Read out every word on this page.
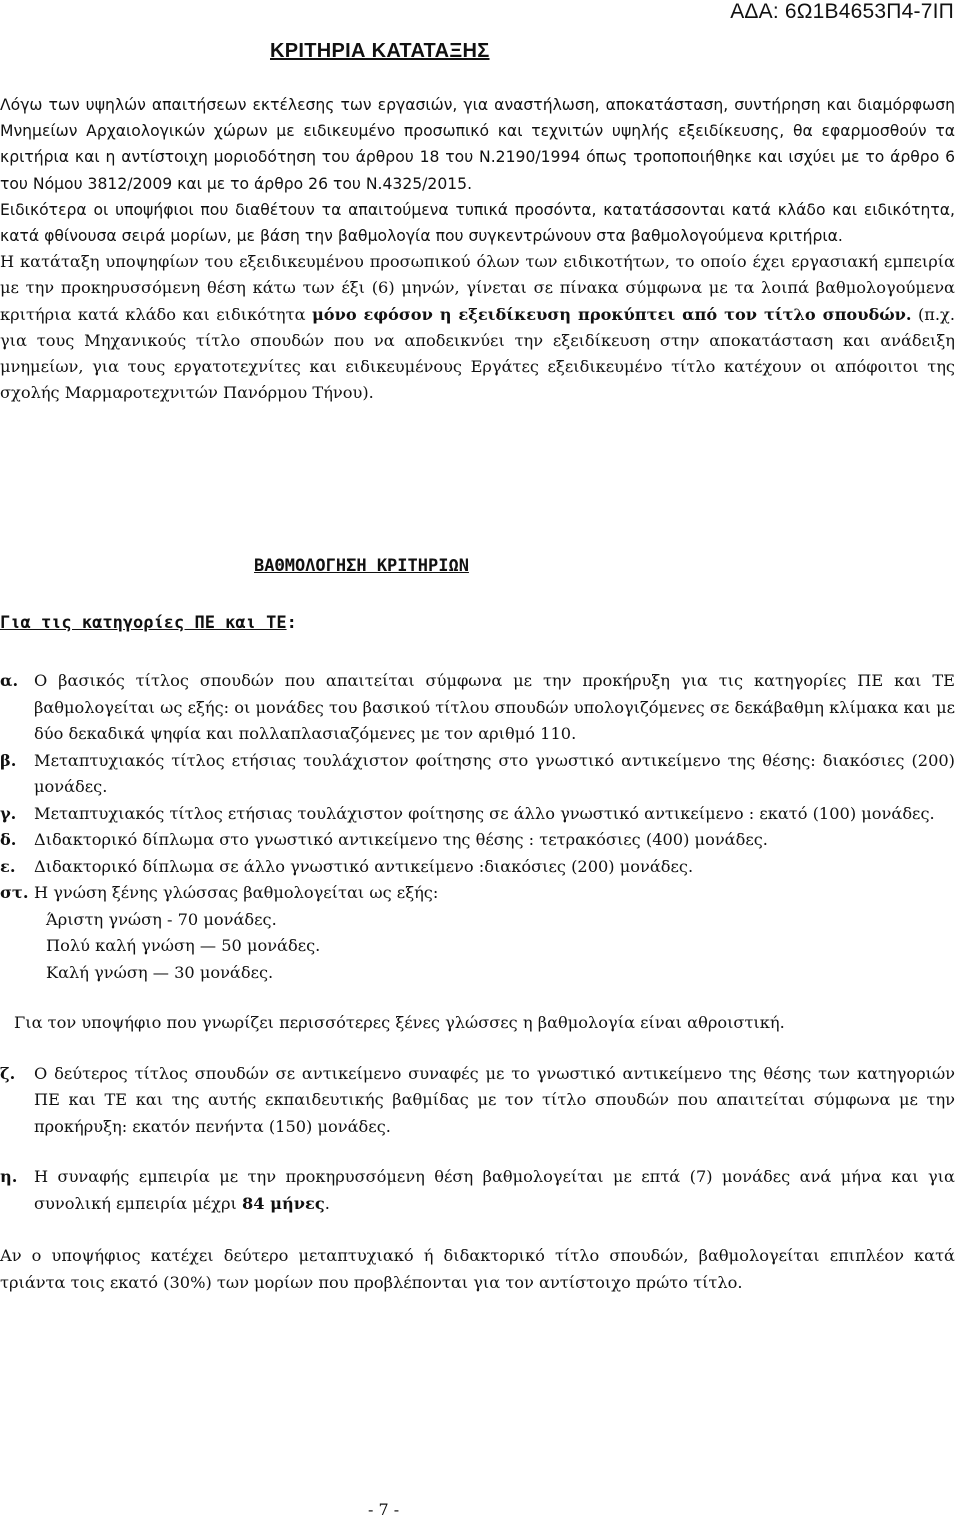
ΑΔΑ: 6Ω1Β4653Π4-7ΙΠ
ΚΡΙΤΗΡΙΑ ΚΑΤΑΤΑΞΗΣ

Λόγω των υψηλών απαιτήσεων εκτέλεσης των εργασιών, για αναστήλωση, αποκατάσταση, συντήρηση και διαμόρφωση Μνημείων Αρχαιολογικών χώρων με ειδικευμένο προσωπικό και τεχνιτών υψηλής εξειδίκευσης, θα εφαρμοσθούν τα κριτήρια και η αντίστοιχη μοριοδότηση του άρθρου 18 του Ν.2190/1994 όπως τροποποιήθηκε και ισχύει με το άρθρο 6 του Νόμου 3812/2009 και με το άρθρο 26 του Ν.4325/2015.

Ειδικότερα οι υποψήφιοι που διαθέτουν τα απαιτούμενα τυπικά προσόντα, κατατάσσονται κατά κλάδο και ειδικότητα, κατά φθίνουσα σειρά μορίων, με βάση την βαθμολογία που συγκεντρώνουν στα βαθμολογούμενα κριτήρια.

Η κατάταξη υποψηφίων του εξειδικευμένου προσωπικού όλων των ειδικοτήτων, το οποίο έχει εργασιακή εμπειρία με την προκηρυσσόμενη θέση κάτω των έξι (6) μηνών, γίνεται σε πίνακα σύμφωνα με τα λοιπά βαθμολογούμενα κριτήρια κατά κλάδο και ειδικότητα μόνο εφόσον η εξειδίκευση προκύπτει από τον τίτλο σπουδών. (π.χ. για τους Μηχανικούς τίτλο σπουδών που να αποδεικνύει την εξειδίκευση στην αποκατάσταση και ανάδειξη μνημείων, για τους εργατοτεχνίτες και ειδικευμένους Εργάτες εξειδικευμένο τίτλο κατέχουν οι απόφοιτοι της σχολής Μαρμαροτεχνιτών Πανόρμου Τήνου).

ΒΑΘΜΟΛΟΓΗΣΗ ΚΡΙΤΗΡΙΩΝ
Για τις κατηγορίες ΠΕ και ΤΕ:

α. Ο βασικός τίτλος σπουδών που απαιτείται σύμφωνα με την προκήρυξη για τις κατηγορίες ΠΕ και ΤΕ βαθμολογείται ως εξής: οι μονάδες του βασικού τίτλου σπουδών υπολογιζόμενες σε δεκάβαθμη κλίμακα και με δύο δεκαδικά ψηφία και πολλαπλασιαζόμενες με τον αριθμό 110.

β. Μεταπτυχιακός τίτλος ετήσιας τουλάχιστον φοίτησης στο γνωστικό αντικείμενο της θέσης: διακόσιες (200) μονάδες.

γ. Μεταπτυχιακός τίτλος ετήσιας τουλάχιστον φοίτησης σε άλλο γνωστικό αντικείμενο : εκατό (100) μονάδες.

δ. Διδακτορικό δίπλωμα στο γνωστικό αντικείμενο της θέσης : τετρακόσιες (400) μονάδες.

ε. Διδακτορικό δίπλωμα σε άλλο γνωστικό αντικείμενο :διακόσιες (200) μονάδες.

στ. Η γνώση ξένης γλώσσας βαθμολογείται ως εξής:

Άριστη γνώση - 70 μονάδες.

Πολύ καλή γνώση — 50 μονάδες.

Καλή γνώση — 30 μονάδες.

Για τον υποψήφιο που γνωρίζει περισσότερες ξένες γλώσσες η βαθμολογία είναι αθροιστική.

ζ. Ο δεύτερος τίτλος σπουδών σε αντικείμενο συναφές με το γνωστικό αντικείμενο της θέσης των κατηγοριών ΠΕ και ΤΕ και της αυτής εκπαιδευτικής βαθμίδας με τον τίτλο σπουδών που απαιτείται σύμφωνα με την προκήρυξη: εκατόν πενήντα (150) μονάδες.

η. Η συναφής εμπειρία με την προκηρυσσόμενη θέση βαθμολογείται με επτά (7) μονάδες ανά μήνα και για συνολική εμπειρία μέχρι 84 μήνες.

Αν ο υποψήφιος κατέχει δεύτερο μεταπτυχιακό ή διδακτορικό τίτλο σπουδών, βαθμολογείται επιπλέον κατά τριάντα τοις εκατό (30%) των μορίων που προβλέπονται για τον αντίστοιχο πρώτο τίτλο.

- 7 -
